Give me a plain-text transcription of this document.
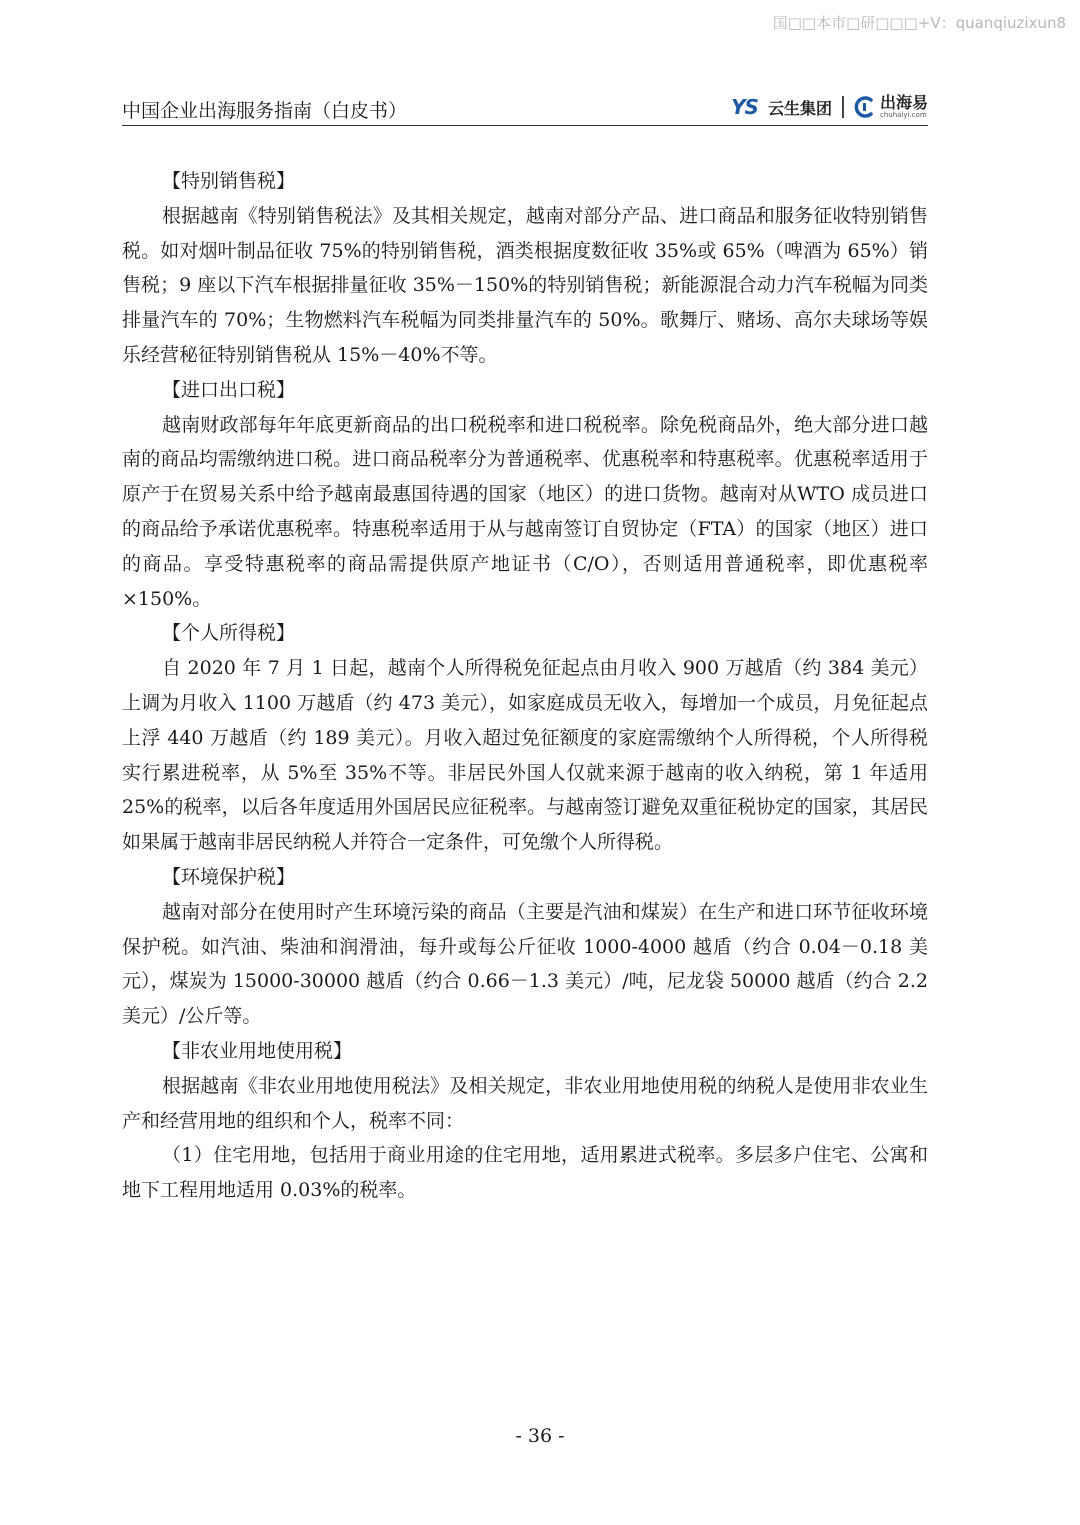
国□□本市□研□□□+V：quanqiuzixun8
中国企业出海服务指南（白皮书）	YS 云生集团	出海易
chuhaiyi.com

【特别销售税】

根据越南《特别销售税法》及其相关规定，越南对部分产品、进口商品和服务征收特别销售税。如对烟叶制品征收 75%的特别销售税，酒类根据度数征收 35%或 65%（啤酒为 65%）销售税；9 座以下汽车根据排量征收 35%－150%的特别销售税；新能源混合动力汽车税幅为同类排量汽车的 70%；生物燃料汽车税幅为同类排量汽车的 50%。歌舞厅、赌场、高尔夫球场等娱乐经营秘征特别销售税从 15%－40%不等。

【进口出口税】

越南财政部每年年底更新商品的出口税税率和进口税税率。除免税商品外，绝大部分进口越南的商品均需缴纳进口税。进口商品税率分为普通税率、优惠税率和特惠税率。优惠税率适用于原产于在贸易关系中给予越南最惠国待遇的国家（地区）的进口货物。越南对从WTO 成员进口的商品给予承诺优惠税率。特惠税率适用于从与越南签订自贸协定（FTA）的国家（地区）进口的商品。享受特惠税率的商品需提供原产地证书（C/O），否则适用普通税率，即优惠税率×150%。

【个人所得税】

自 2020 年 7 月 1 日起，越南个人所得税免征起点由月收入 900 万越盾（约 384 美元）上调为月收入 1100 万越盾（约 473 美元），如家庭成员无收入，每增加一个成员，月免征起点上浮 440 万越盾（约 189 美元）。月收入超过免征额度的家庭需缴纳个人所得税，个人所得税实行累进税率，从 5%至 35%不等。非居民外国人仅就来源于越南的收入纳税，第 1 年适用 25%的税率，以后各年度适用外国居民应征税率。与越南签订避免双重征税协定的国家，其居民如果属于越南非居民纳税人并符合一定条件，可免缴个人所得税。

【环境保护税】

越南对部分在使用时产生环境污染的商品（主要是汽油和煤炭）在生产和进口环节征收环境保护税。如汽油、柴油和润滑油，每升或每公斤征收 1000-4000 越盾（约合 0.04－0.18 美元），煤炭为 15000-30000 越盾（约合 0.66－1.3 美元）/吨，尼龙袋 50000 越盾（约合 2.2 美元）/公斤等。

【非农业用地使用税】

根据越南《非农业用地使用税法》及相关规定，非农业用地使用税的纳税人是使用非农业生产和经营用地的组织和个人，税率不同：

（1）住宅用地，包括用于商业用途的住宅用地，适用累进式税率。多层多户住宅、公寓和地下工程用地适用 0.03%的税率。

- 36 -
